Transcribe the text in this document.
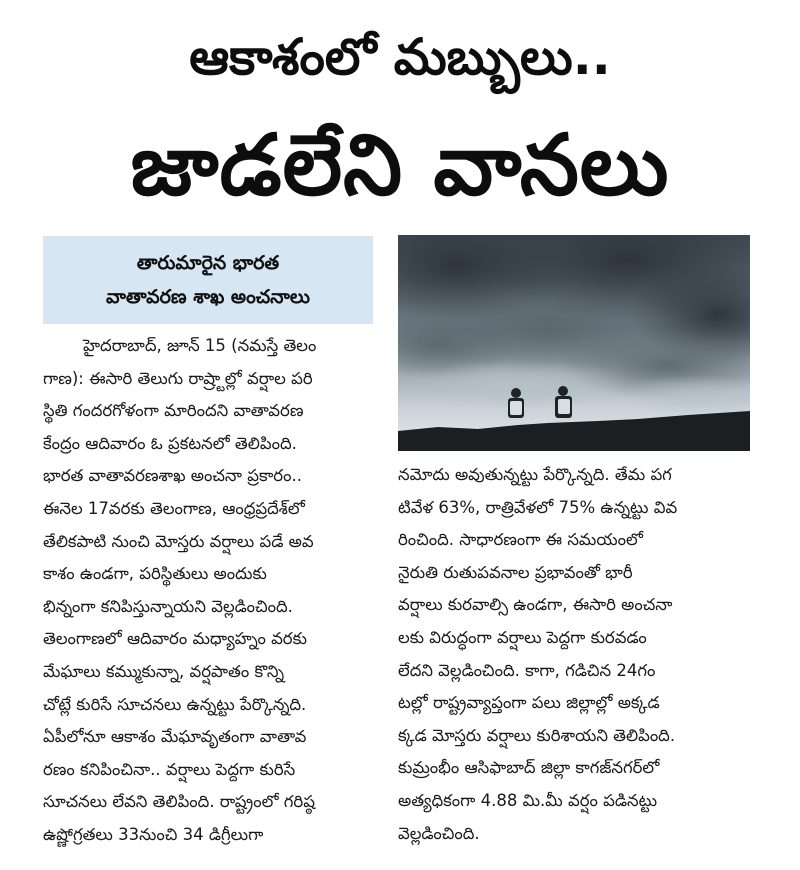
ఆకాశంలో మబ్బులు..
జాడలేని వానలు
తారుమారైన భారత
వాతావరణ శాఖ అంచనాలు
హైదరాబాద్, జూన్ 15 (నమస్తే తెలం
గాణ): ఈసారి తెలుగు రాష్ర్టాల్లో వర్షాల పరి
స్థితి గందరగోళంగా మారిందని వాతావరణ
కేంద్రం ఆదివారం ఓ ప్రకటనలో తెలిపింది.
భారత వాతావరణశాఖ అంచనా ప్రకారం..
ఈనెల 17వరకు తెలంగాణ, ఆంధ్రప్రదేశ్‌లో
తేలికపాటి నుంచి మోస్తరు వర్షాలు పడే అవ
కాశం ఉండగా, పరిస్థితులు అందుకు
భిన్నంగా కనిపిస్తున్నాయని వెల్లడించింది.
తెలంగాణలో ఆదివారం మధ్యాహ్నం వరకు
మేఘాలు కమ్ముకున్నా, వర్షపాతం కొన్ని
చోట్లే కురిసే సూచనలు ఉన్నట్టు పేర్కొన్నది.
ఏపీలోనూ ఆకాశం మేఘావృతంగా వాతావ
రణం కనిపించినా.. వర్షాలు పెద్దగా కురిసే
సూచనలు లేవని తెలిపింది. రాష్ట్రంలో గరిష్ఠ
ఉష్ణోగ్రతలు 33నుంచి 34 డిగ్రీలుగా
నమోదు అవుతున్నట్టు పేర్కొన్నది. తేమ పగ
టివేళ 63%, రాత్రివేళలో 75% ఉన్నట్టు వివ
రించింది. సాధారణంగా ఈ సమయంలో
నైరుతి రుతుపవనాల ప్రభావంతో భారీ
వర్షాలు కురవాల్సి ఉండగా, ఈసారి అంచనా
లకు విరుద్ధంగా వర్షాలు పెద్దగా కురవడం
లేదని వెల్లడించింది. కాగా, గడిచిన 24గం
టల్లో రాష్ట్రవ్యాప్తంగా పలు జిల్లాల్లో అక్కడ
క్కడ మోస్తరు వర్షాలు కురిశాయని తెలిపింది.
కుమ్రంభీం ఆసిఫాబాద్ జిల్లా కాగజ్‌నగర్‌లో
అత్యధికంగా 4.88 మి.మీ వర్షం పడినట్టు
వెల్లడించింది.
